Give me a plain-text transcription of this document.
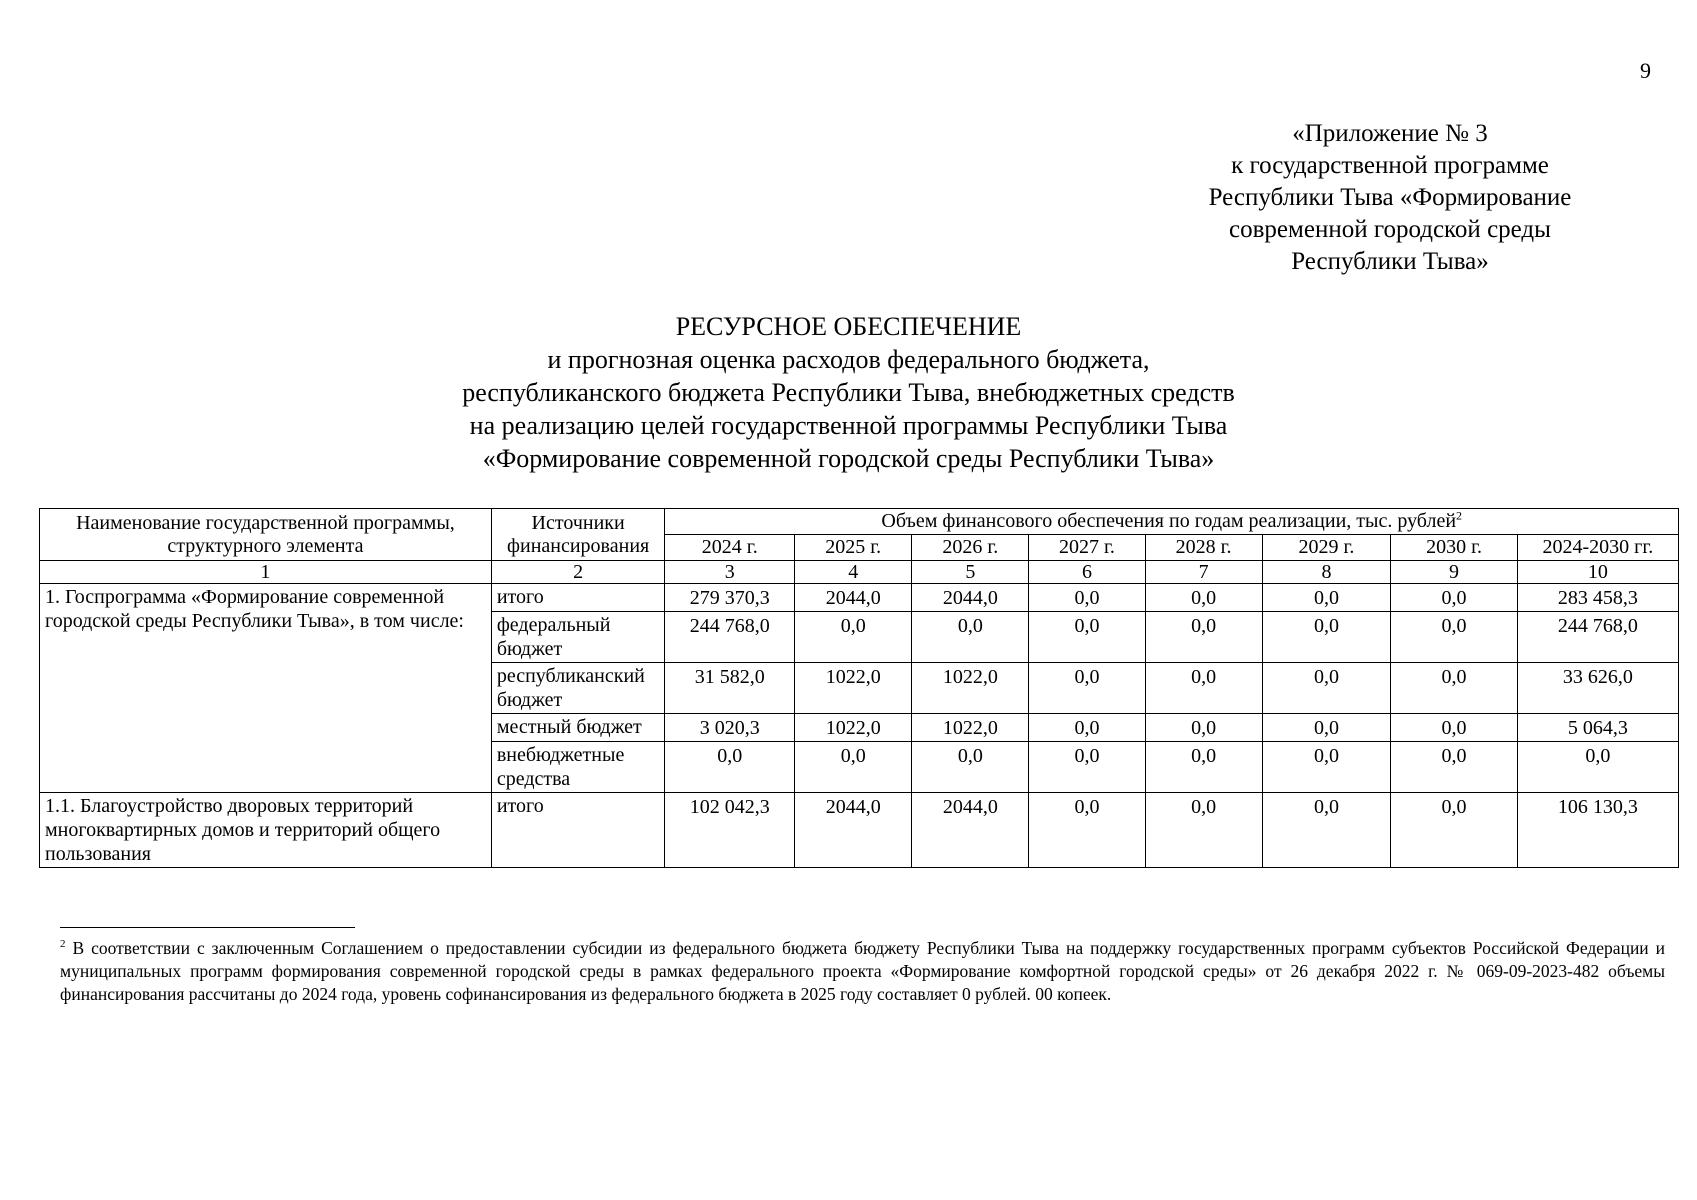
9
«Приложение № 3
к государственной программе
Республики Тыва «Формирование
современной городской среды
Республики Тыва»
РЕСУРСНОЕ ОБЕСПЕЧЕНИЕ
и прогнозная оценка расходов федерального бюджета,
республиканского бюджета Республики Тыва, внебюджетных средств
на реализацию целей государственной программы Республики Тыва
«Формирование современной городской среды Республики Тыва»
Наименование государственной программы, структурного элемента	Источники финансирования	Объем финансового обеспечения по годам реализации, тыс. рублей$^2$
		2024 г.	2025 г.	2026 г.	2027 г.	2028 г.	2029 г.	2030 г.	2024-2030 гг.
1	2	3	4	5	6	7	8	9	10
1. Госпрограмма «Формирование современной городской среды Республики Тыва», в том числе:	итого	279 370,3	2044,0	2044,0	0,0	0,0	0,0	0,0	283 458,3
	федеральный бюджет	244 768,0	0,0	0,0	0,0	0,0	0,0	0,0	244 768,0
	республиканский бюджет	31 582,0	1022,0	1022,0	0,0	0,0	0,0	0,0	33 626,0
	местный бюджет	3 020,3	1022,0	1022,0	0,0	0,0	0,0	0,0	5 064,3
	внебюджетные средства	0,0	0,0	0,0	0,0	0,0	0,0	0,0	0,0
1.1. Благоустройство дворовых территорий многоквартирных домов и территорий общего пользования	итого	102 042,3	2044,0	2044,0	0,0	0,0	0,0	0,0	106 130,3
$^2$ В соответствии с заключенным Соглашением о предоставлении субсидии из федерального бюджета бюджету Республики Тыва на поддержку государственных программ субъектов Российской Федерации и муниципальных программ формирования современной городской среды в рамках федерального проекта «Формирование комфортной городской среды» от 26 декабря 2022 г. № 069-09-2023-482 объемы финансирования рассчитаны до 2024 года, уровень софинансирования из федерального бюджета в 2025 году составляет 0 рублей. 00 копеек.
